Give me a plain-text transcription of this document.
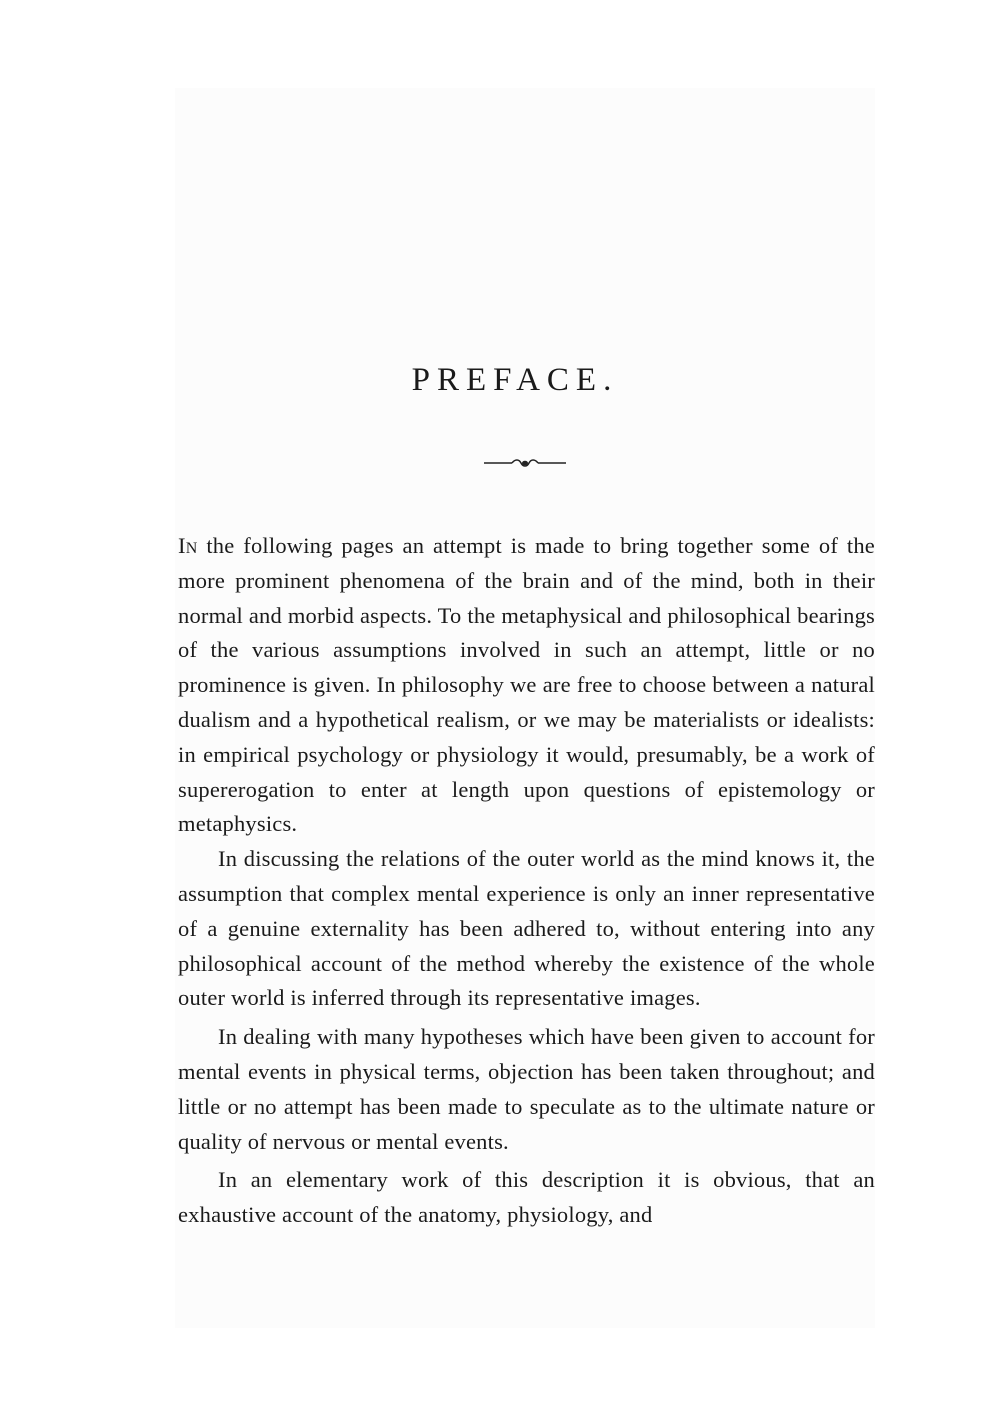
PREFACE.

In the following pages an attempt is made to bring together some of the more prominent phenomena of the brain and of the mind, both in their normal and morbid aspects. To the metaphysical and philosophical bearings of the various assumptions involved in such an attempt, little or no prominence is given. In philosophy we are free to choose between a natural dualism and a hypothetical realism, or we may be materialists or idealists: in empirical psychology or physiology it would, presumably, be a work of supererogation to enter at length upon questions of epistemology or metaphysics.

In discussing the relations of the outer world as the mind knows it, the assumption that complex mental experience is only an inner representative of a genuine externality has been adhered to, without entering into any philosophical account of the method whereby the existence of the whole outer world is inferred through its representative images.

In dealing with many hypotheses which have been given to account for mental events in physical terms, objection has been taken throughout; and little or no attempt has been made to speculate as to the ultimate nature or quality of nervous or mental events.

In an elementary work of this description it is obvious, that an exhaustive account of the anatomy, physiology, and
